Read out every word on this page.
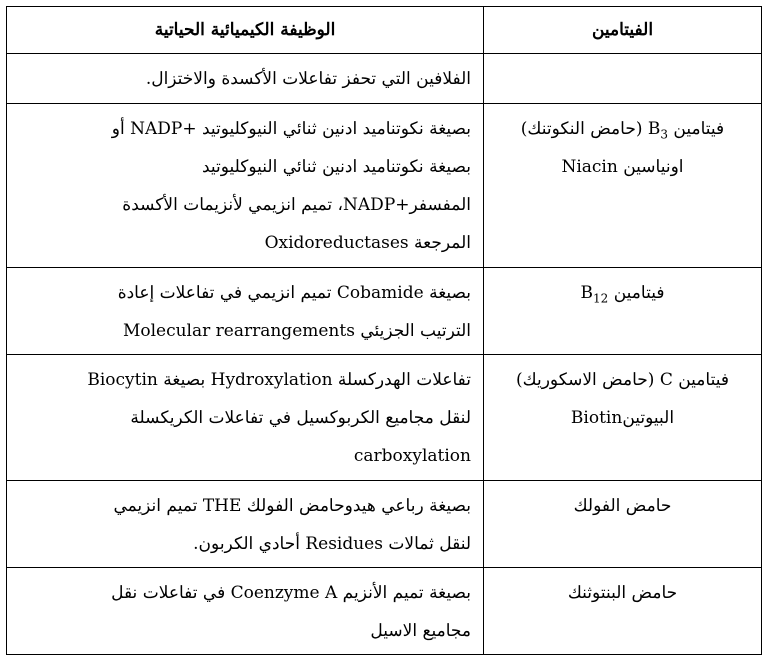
الفيتامين	الوظيفة الكيميائية الحياتية

	الفلافين التي تحفز تفاعلات الأكسدة والاختزال.

فيتامين $B_3$ (حامض النكوتنك)
اونياسين Niacin	بصيغة نكوتناميد ادنين ثنائي النيوكليوتيد +NADP أو
بصيغة نكوتناميد ادنين ثنائي النيوكليوتيد
المفسفر+NADP، تميم انزيمي لأنزيمات الأكسدة
المرجعة Oxidoreductases

فيتامين $B_{12}$	بصيغة Cobamide تميم انزيمي في تفاعلات إعادة
الترتيب الجزيئي Molecular rearrangements

فيتامين C (حامض الاسكوريك)
البيوتينBiotin	تفاعلات الهدركسلة Hydroxylation بصيغة Biocytin
لنقل مجاميع الكربوكسيل في تفاعلات الكريكسلة
carboxylation

حامض الفولك	بصيغة رباعي هيدوحامض الفولك THE تميم انزيمي
لنقل ثمالات Residues أحادي الكربون.

حامض البنتوثنك	بصيغة تميم الأنزيم Coenzyme A في تفاعلات نقل
مجاميع الاسيل
